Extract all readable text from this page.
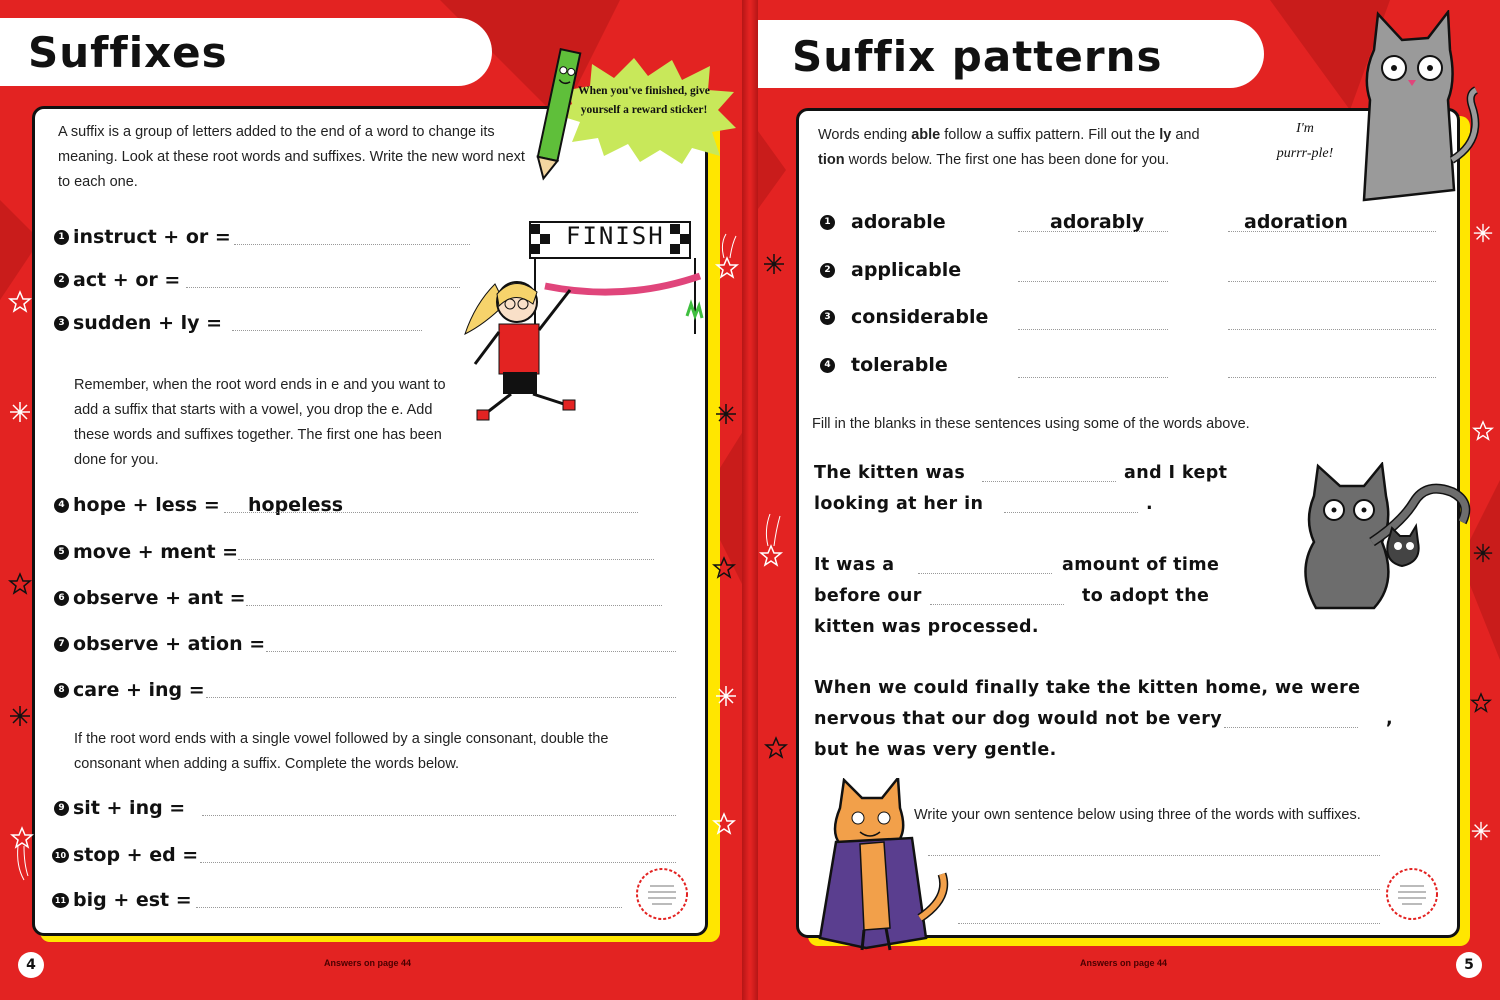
Suffixes
A suffix is a group of letters added to the end of a word to change its meaning. Look at these root words and suffixes. Write the new word next to each one.
When you've finished, give yourself a reward sticker!
FINISH
1 instruct + or =
2 act + or =
3 sudden + ly =
Remember, when the root word ends in e and you want to add a suffix that starts with a vowel, you drop the e. Add these words and suffixes together. The first one has been done for you.
4 hope + less = hopeless
5 move + ment =
6 observe + ant =
7 observe + ation =
8 care + ing =
If the root word ends with a single vowel followed by a single consonant, double the consonant when adding a suffix. Complete the words below.
9 sit + ing =
10 stop + ed =
11 big + est =
4	Answers on page 44
Suffix patterns
Words ending able follow a suffix pattern. Fill out the ly and
tion words below. The first one has been done for you.
I'm
purrr-ple!
1 adorable	adorably	adoration
2 applicable
3 considerable
4 tolerable
Fill in the blanks in these sentences using some of the words above.
The kitten was	and I kept
looking at her in	.
It was a	amount of time
before our	to adopt the
kitten was processed.
When we could finally take the kitten home, we were
nervous that our dog would not be very	,
but he was very gentle.
Write your own sentence below using three of the words with suffixes.
5
Answers on page 44
